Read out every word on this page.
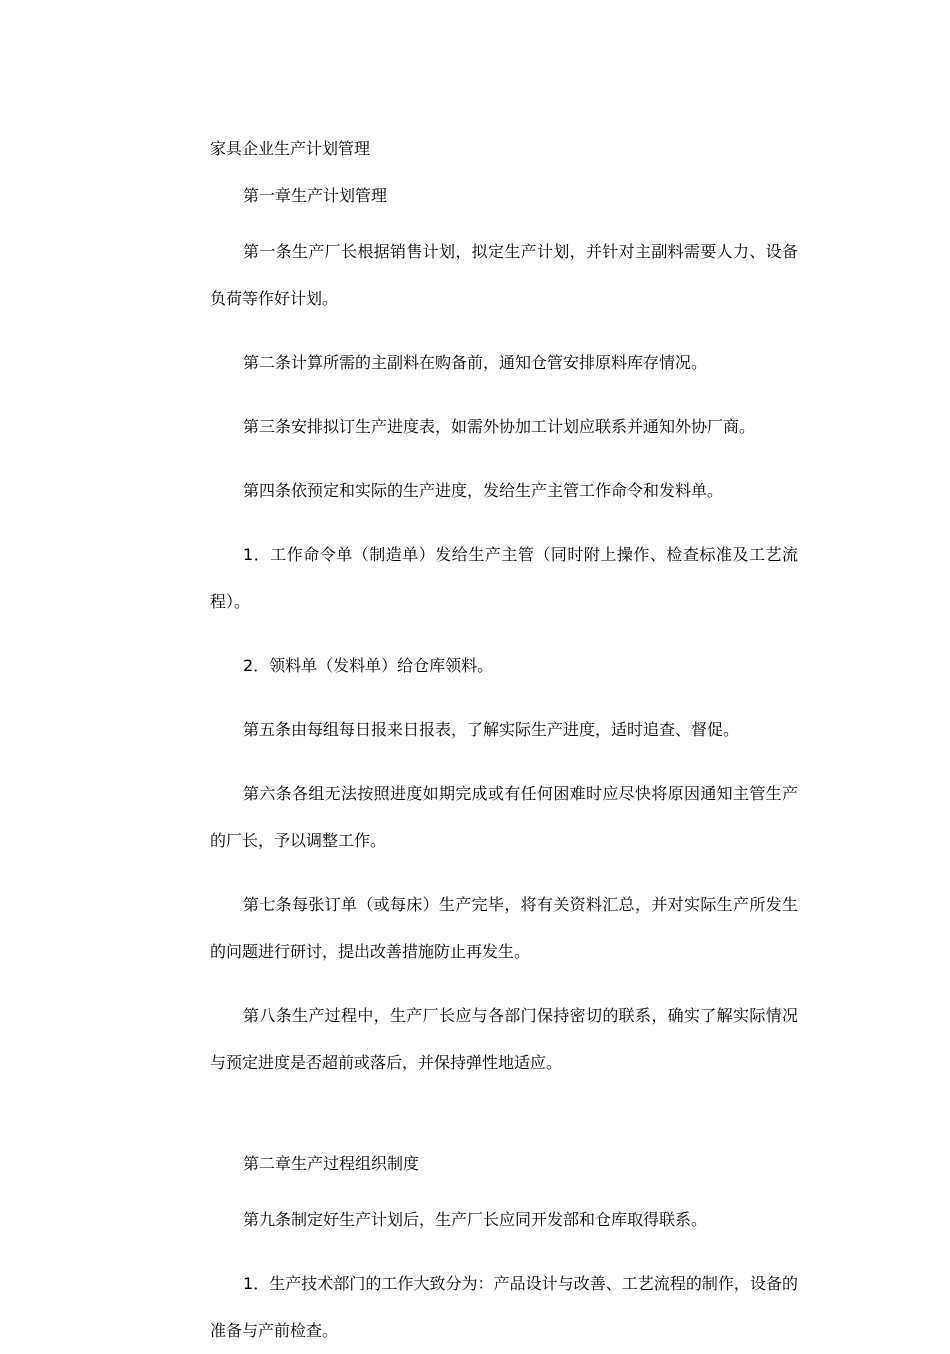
家具企业生产计划管理
第一章生产计划管理

第一条生产厂长根据销售计划，拟定生产计划，并针对主副料需要人力、设备负荷等作好计划。

第二条计算所需的主副料在购备前，通知仓管安排原料库存情况。

第三条安排拟订生产进度表，如需外协加工计划应联系并通知外协厂商。

第四条依预定和实际的生产进度，发给生产主管工作命令和发料单。

1．工作命令单（制造单）发给生产主管（同时附上操作、检查标准及工艺流程）。

2．领料单（发料单）给仓库领料。

第五条由每组每日报来日报表，了解实际生产进度，适时追查、督促。

第六条各组无法按照进度如期完成或有任何困难时应尽快将原因通知主管生产的厂长，予以调整工作。

第七条每张订单（或每床）生产完毕，将有关资料汇总，并对实际生产所发生的问题进行研讨，提出改善措施防止再发生。

第八条生产过程中，生产厂长应与各部门保持密切的联系，确实了解实际情况与预定进度是否超前或落后，并保持弹性地适应。

第二章生产过程组织制度

第九条制定好生产计划后，生产厂长应同开发部和仓库取得联系。

1．生产技术部门的工作大致分为：产品设计与改善、工艺流程的制作，设备的准备与产前检查。
